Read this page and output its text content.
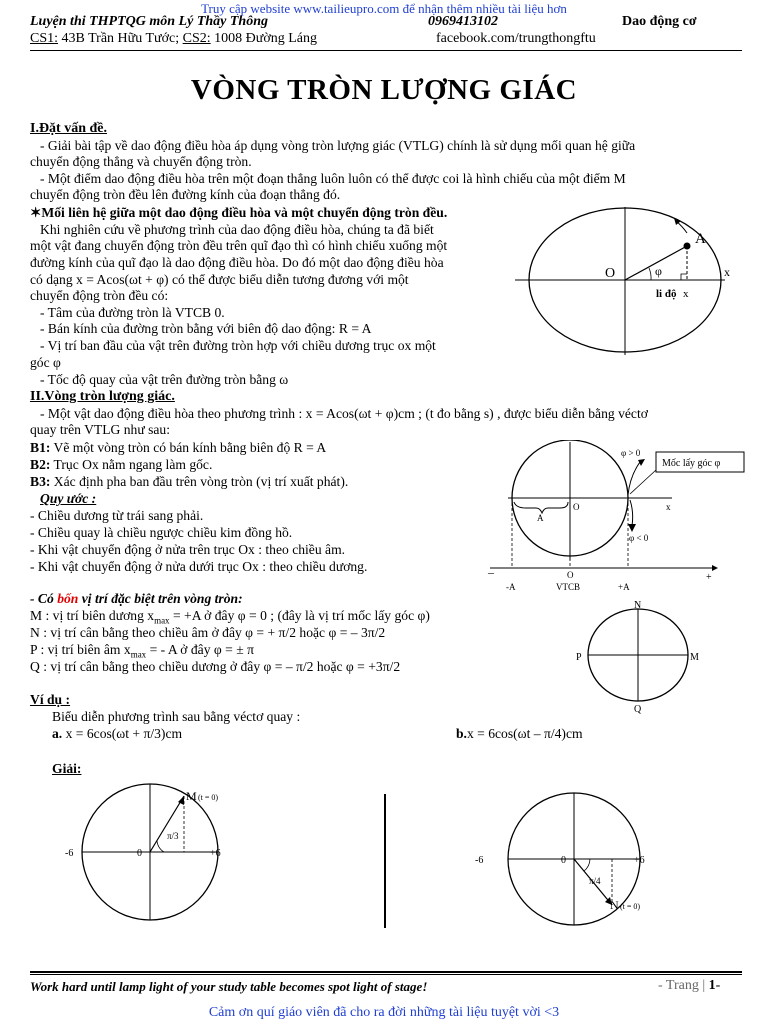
Truy cập website www.tailieupro.com để nhận thêm nhiều tài liệu hơn
Luyện thi THPTQG môn Lý Thầy Thông	0969413102	Dao động cơ
CS1: 43B Trần Hữu Tước; CS2: 1008 Đường Láng	facebook.com/trungthongftu
VÒNG TRÒN LƯỢNG GIÁC
I.Đặt vấn đề.
- Giải bài tập về dao động điều hòa áp dụng vòng tròn lượng giác (VTLG) chính là sử dụng mối quan hệ giữa
chuyển động thẳng và chuyển động tròn.
- Một điểm dao động điều hòa trên một đoạn thẳng luôn luôn có thể được coi là hình chiếu của một điểm M
chuyển động tròn đều lên đường kính của đoạn thẳng đó.
✶Mối liên hệ giữa một dao động điều hòa và một chuyển động tròn đều.
Khi nghiên cứu về phương trình của dao động điều hòa, chúng ta đã biết
một vật đang chuyển động tròn đều trên quĩ đạo thì có hình chiếu xuống một
đường kính của quĩ đạo là dao động điều hòa. Do đó một dao động điều hòa
có dạng x = Acos(ωt + φ) có thể được biểu diễn tương đương với một
chuyển động tròn đều có:
- Tâm của đường tròn là VTCB 0.
- Bán kính của đường tròn bằng với biên độ dao động: R = A
- Vị trí ban đầu của vật trên đường tròn hợp với chiều dương trục ox một
góc φ
- Tốc độ quay của vật trên đường tròn bằng ω
A
O	x
φ
li độ x
II.Vòng tròn lượng giác.
- Một vật dao động điều hòa theo phương trình : x = Acos(ωt + φ)cm ; (t đo bằng s) , được biểu diễn bằng véctơ
quay trên VTLG như sau:
B1: Vẽ một vòng tròn có bán kính bằng biên độ R = A
B2: Trục Ox nằm ngang làm gốc.
B3: Xác định pha ban đầu trên vòng tròn (vị trí xuất phát).
Quy ước :
- Chiều dương từ trái sang phải.
- Chiều quay là chiều ngược chiều kim đồng hồ.
- Khi vật chuyển động ở nửa trên trục Ox : theo chiều âm.
- Khi vật chuyển động ở nửa dưới trục Ox : theo chiều dương.
φ > 0
Mốc lấy góc φ
φ < 0
A
O	x
–	+
O
-A	VTCB	+A
- Có bốn vị trí đặc biệt trên vòng tròn:
M : vị trí biên dương $x_{max} = +A$ ở đây φ = 0 ; (đây là vị trí mốc lấy góc φ)
N : vị trí cân bằng theo chiều âm ở đây φ = + π/2 hoặc φ = – 3π/2
P : vị trí biên âm $x_{max}$ = - A ở đây φ = ± π
Q : vị trí cân bằng theo chiều dương ở đây φ = – π/2 hoặc φ = +3π/2
N
P	M
Q
Ví dụ :
Biểu diễn phương trình sau bằng véctơ quay :
a. x = 6cos(ωt + π/3)cm	b.x = 6cos(ωt – π/4)cm
Giải:
M (t = 0)
-6	0	+6
π/3
N (t = 0)
-6	0	+6
π/4
Work hard until lamp light of your study table becomes spot light of stage!	- Trang | 1-
Cảm ơn quí giáo viên đã cho ra đời những tài liệu tuyệt vời <3
